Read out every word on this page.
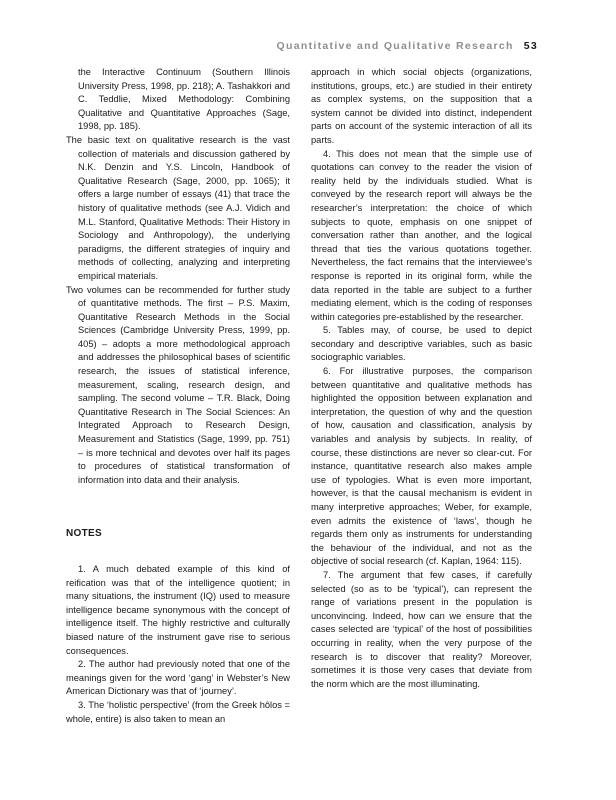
Quantitative and Qualitative Research 53

the Interactive Continuum (Southern Illinois University Press, 1998, pp. 218); A. Tashakkori and C. Teddlie, Mixed Methodology: Combining Qualitative and Quantitative Approaches (Sage, 1998, pp. 185).

The basic text on qualitative research is the vast collection of materials and discussion gathered by N.K. Denzin and Y.S. Lincoln, Handbook of Qualitative Research (Sage, 2000, pp. 1065); it offers a large number of essays (41) that trace the history of qualitative methods (see A.J. Vidich and M.L. Stanford, Qualitative Methods: Their History in Sociology and Anthropology), the underlying paradigms, the different strategies of inquiry and methods of collecting, analyzing and interpreting empirical materials.

Two volumes can be recommended for further study of quantitative methods. The first – P.S. Maxim, Quantitative Research Methods in the Social Sciences (Cambridge University Press, 1999, pp. 405) – adopts a more methodological approach and addresses the philosophical bases of scientific research, the issues of statistical inference, measurement, scaling, research design, and sampling. The second volume – T.R. Black, Doing Quantitative Research in The Social Sciences: An Integrated Approach to Research Design, Measurement and Statistics (Sage, 1999, pp. 751) – is more technical and devotes over half its pages to procedures of statistical transformation of information into data and their analysis.

NOTES

1. A much debated example of this kind of reification was that of the intelligence quotient; in many situations, the instrument (IQ) used to measure intelligence became synonymous with the concept of intelligence itself. The highly restrictive and culturally biased nature of the instrument gave rise to serious consequences.

2. The author had previously noted that one of the meanings given for the word ‘gang’ in Webster’s New American Dictionary was that of ‘journey’.

3. The ‘holistic perspective’ (from the Greek hôlos = whole, entire) is also taken to mean an

approach in which social objects (organizations, institutions, groups, etc.) are studied in their entirety as complex systems, on the supposition that a system cannot be divided into distinct, independent parts on account of the systemic interaction of all its parts.

4. This does not mean that the simple use of quotations can convey to the reader the vision of reality held by the individuals studied. What is conveyed by the research report will always be the researcher’s interpretation: the choice of which subjects to quote, emphasis on one snippet of conversation rather than another, and the logical thread that ties the various quotations together. Nevertheless, the fact remains that the interviewee’s response is reported in its original form, while the data reported in the table are subject to a further mediating element, which is the coding of responses within categories pre-established by the researcher.

5. Tables may, of course, be used to depict secondary and descriptive variables, such as basic sociographic variables.

6. For illustrative purposes, the comparison between quantitative and qualitative methods has highlighted the opposition between explanation and interpretation, the question of why and the question of how, causation and classification, analysis by variables and analysis by subjects. In reality, of course, these distinctions are never so clear-cut. For instance, quantitative research also makes ample use of typologies. What is even more important, however, is that the causal mechanism is evident in many interpretive approaches; Weber, for example, even admits the existence of ‘laws’, though he regards them only as instruments for understanding the behaviour of the individual, and not as the objective of social research (cf. Kaplan, 1964: 115).

7. The argument that few cases, if carefully selected (so as to be ‘typical’), can represent the range of variations present in the population is unconvincing. Indeed, how can we ensure that the cases selected are ‘typical’ of the host of possibilities occurring in reality, when the very purpose of the research is to discover that reality? Moreover, sometimes it is those very cases that deviate from the norm which are the most illuminating.
